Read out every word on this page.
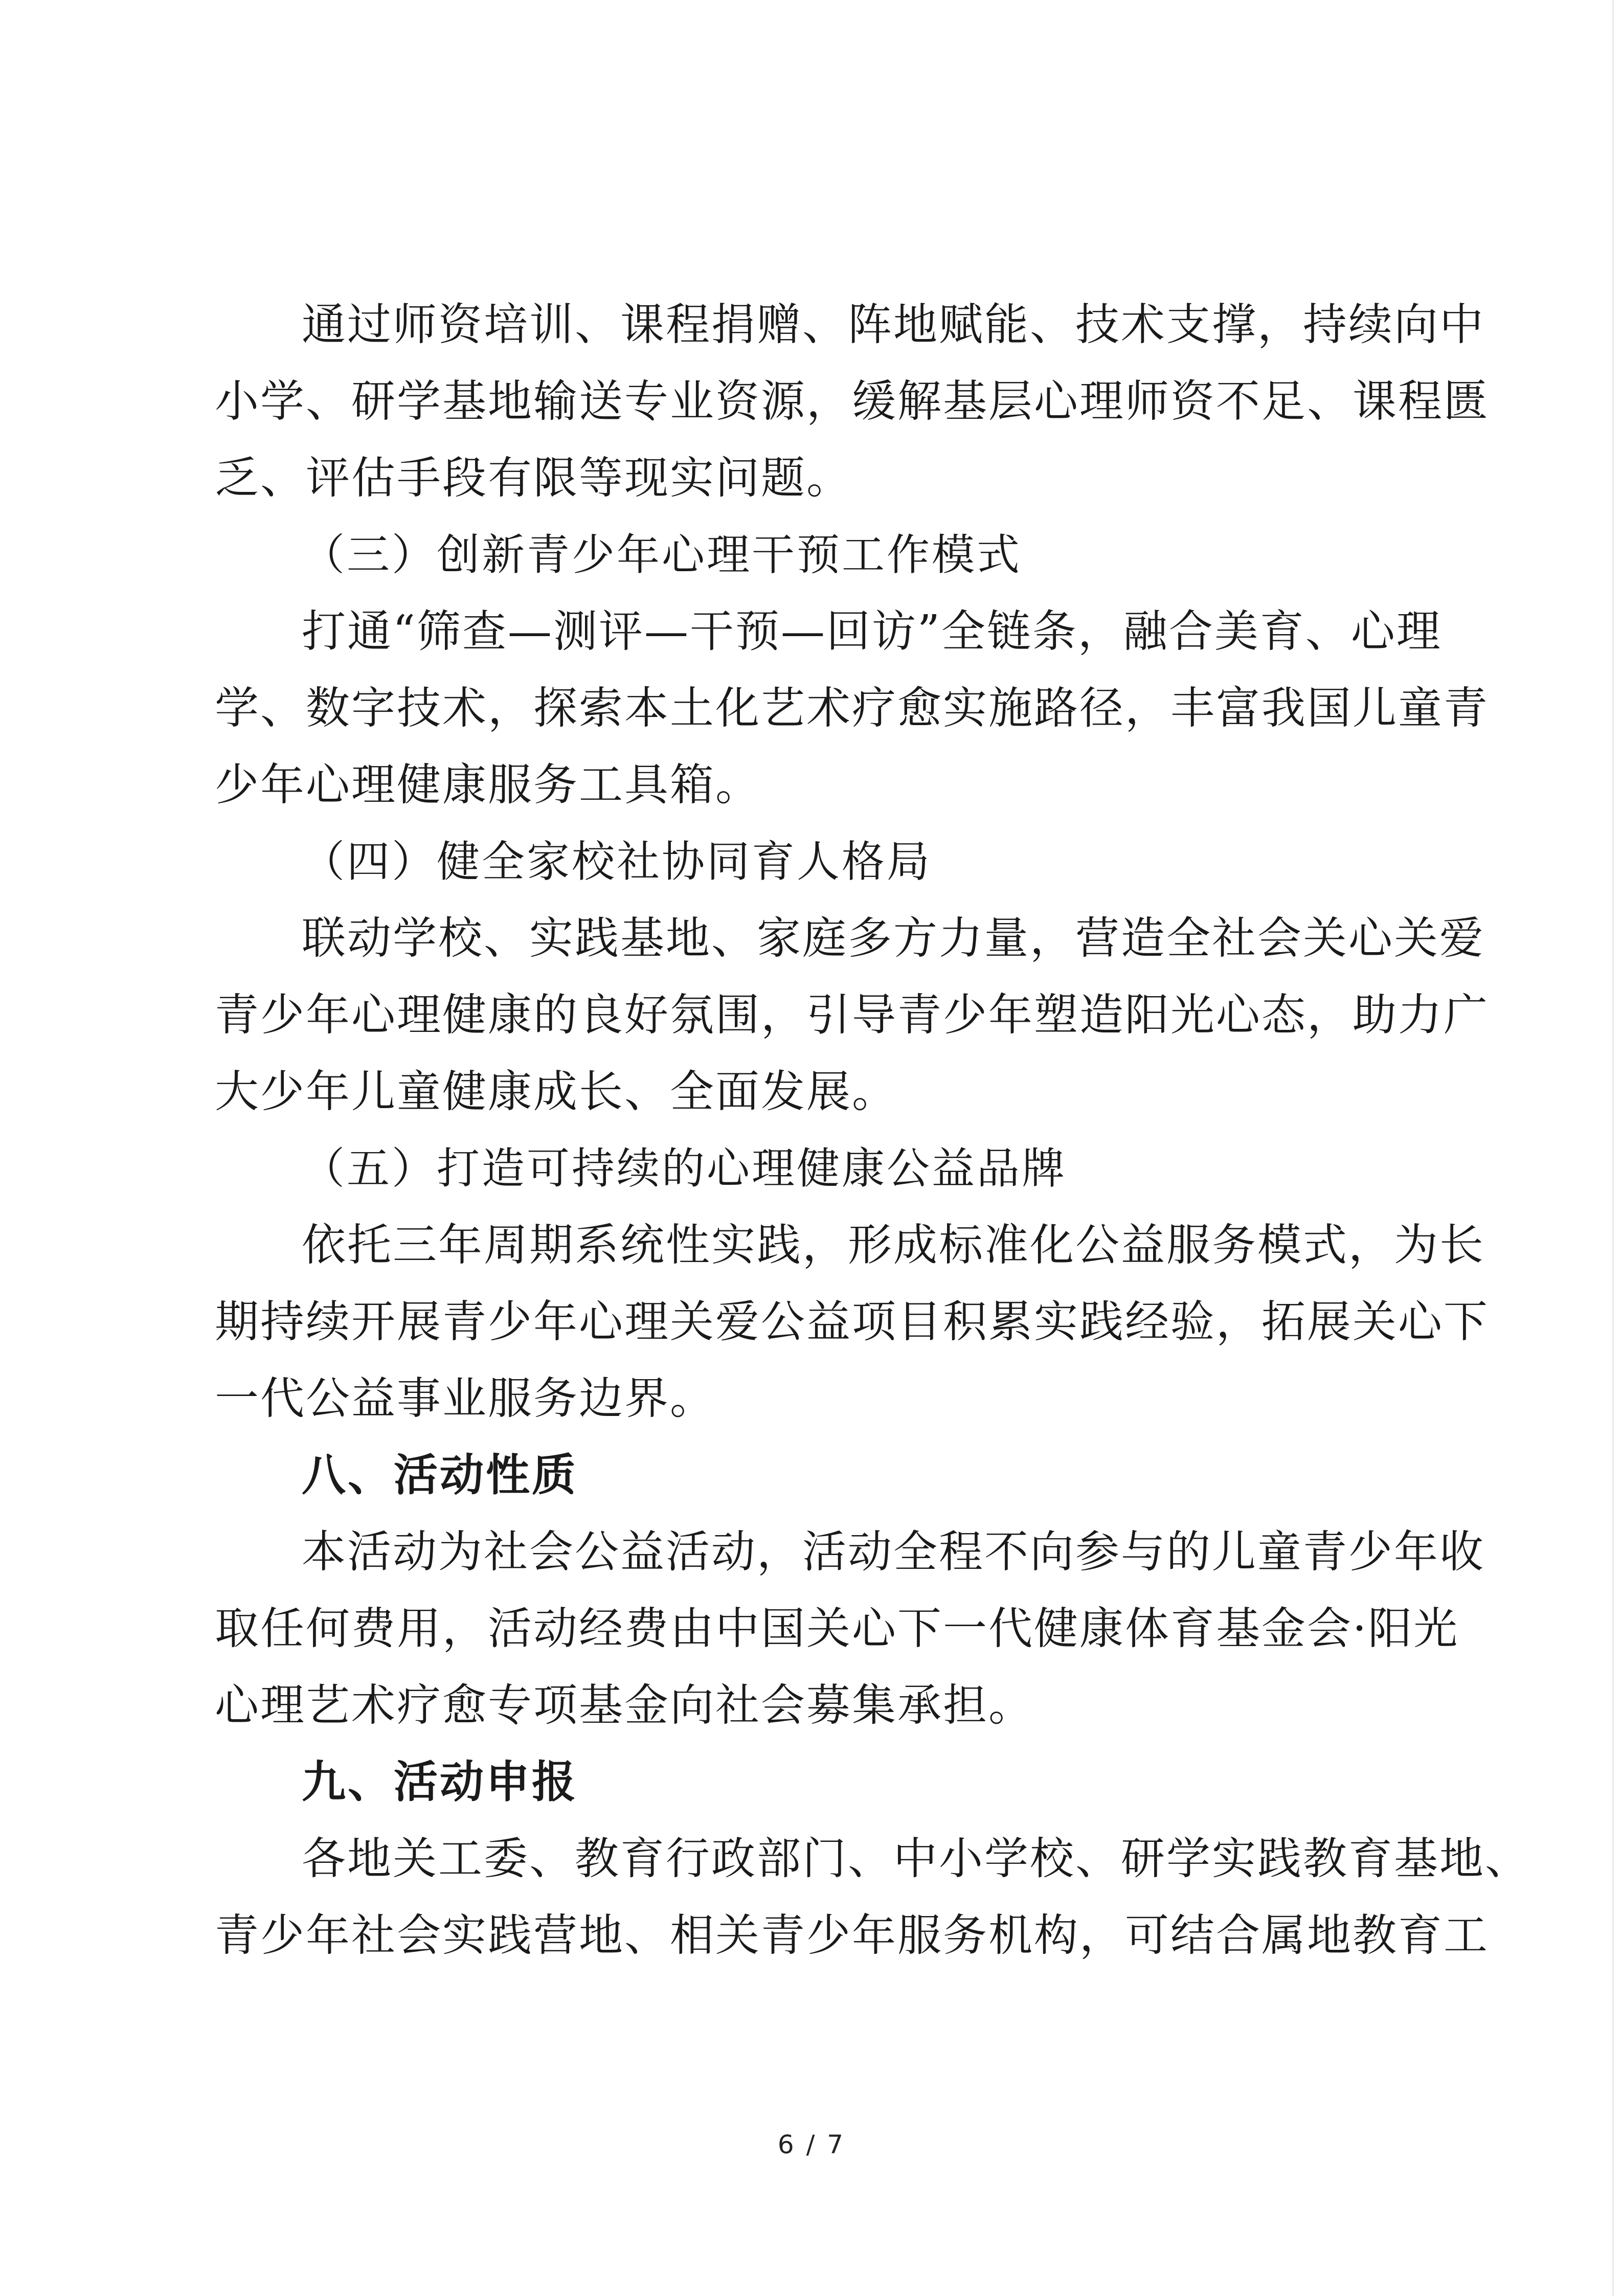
通过师资培训、课程捐赠、阵地赋能、技术支撑，持续向中
小学、研学基地输送专业资源，缓解基层心理师资不足、课程匮
乏、评估手段有限等现实问题。
（三）创新青少年心理干预工作模式
打通“筛查—测评—干预—回访”全链条，融合美育、心理
学、数字技术，探索本土化艺术疗愈实施路径，丰富我国儿童青
少年心理健康服务工具箱。
（四）健全家校社协同育人格局
联动学校、实践基地、家庭多方力量，营造全社会关心关爱
青少年心理健康的良好氛围，引导青少年塑造阳光心态，助力广
大少年儿童健康成长、全面发展。
（五）打造可持续的心理健康公益品牌
依托三年周期系统性实践，形成标准化公益服务模式，为长
期持续开展青少年心理关爱公益项目积累实践经验，拓展关心下
一代公益事业服务边界。
八、活动性质
本活动为社会公益活动，活动全程不向参与的儿童青少年收
取任何费用，活动经费由中国关心下一代健康体育基金会·阳光
心理艺术疗愈专项基金向社会募集承担。
九、活动申报
各地关工委、教育行政部门、中小学校、研学实践教育基地、
青少年社会实践营地、相关青少年服务机构，可结合属地教育工
6 / 7
